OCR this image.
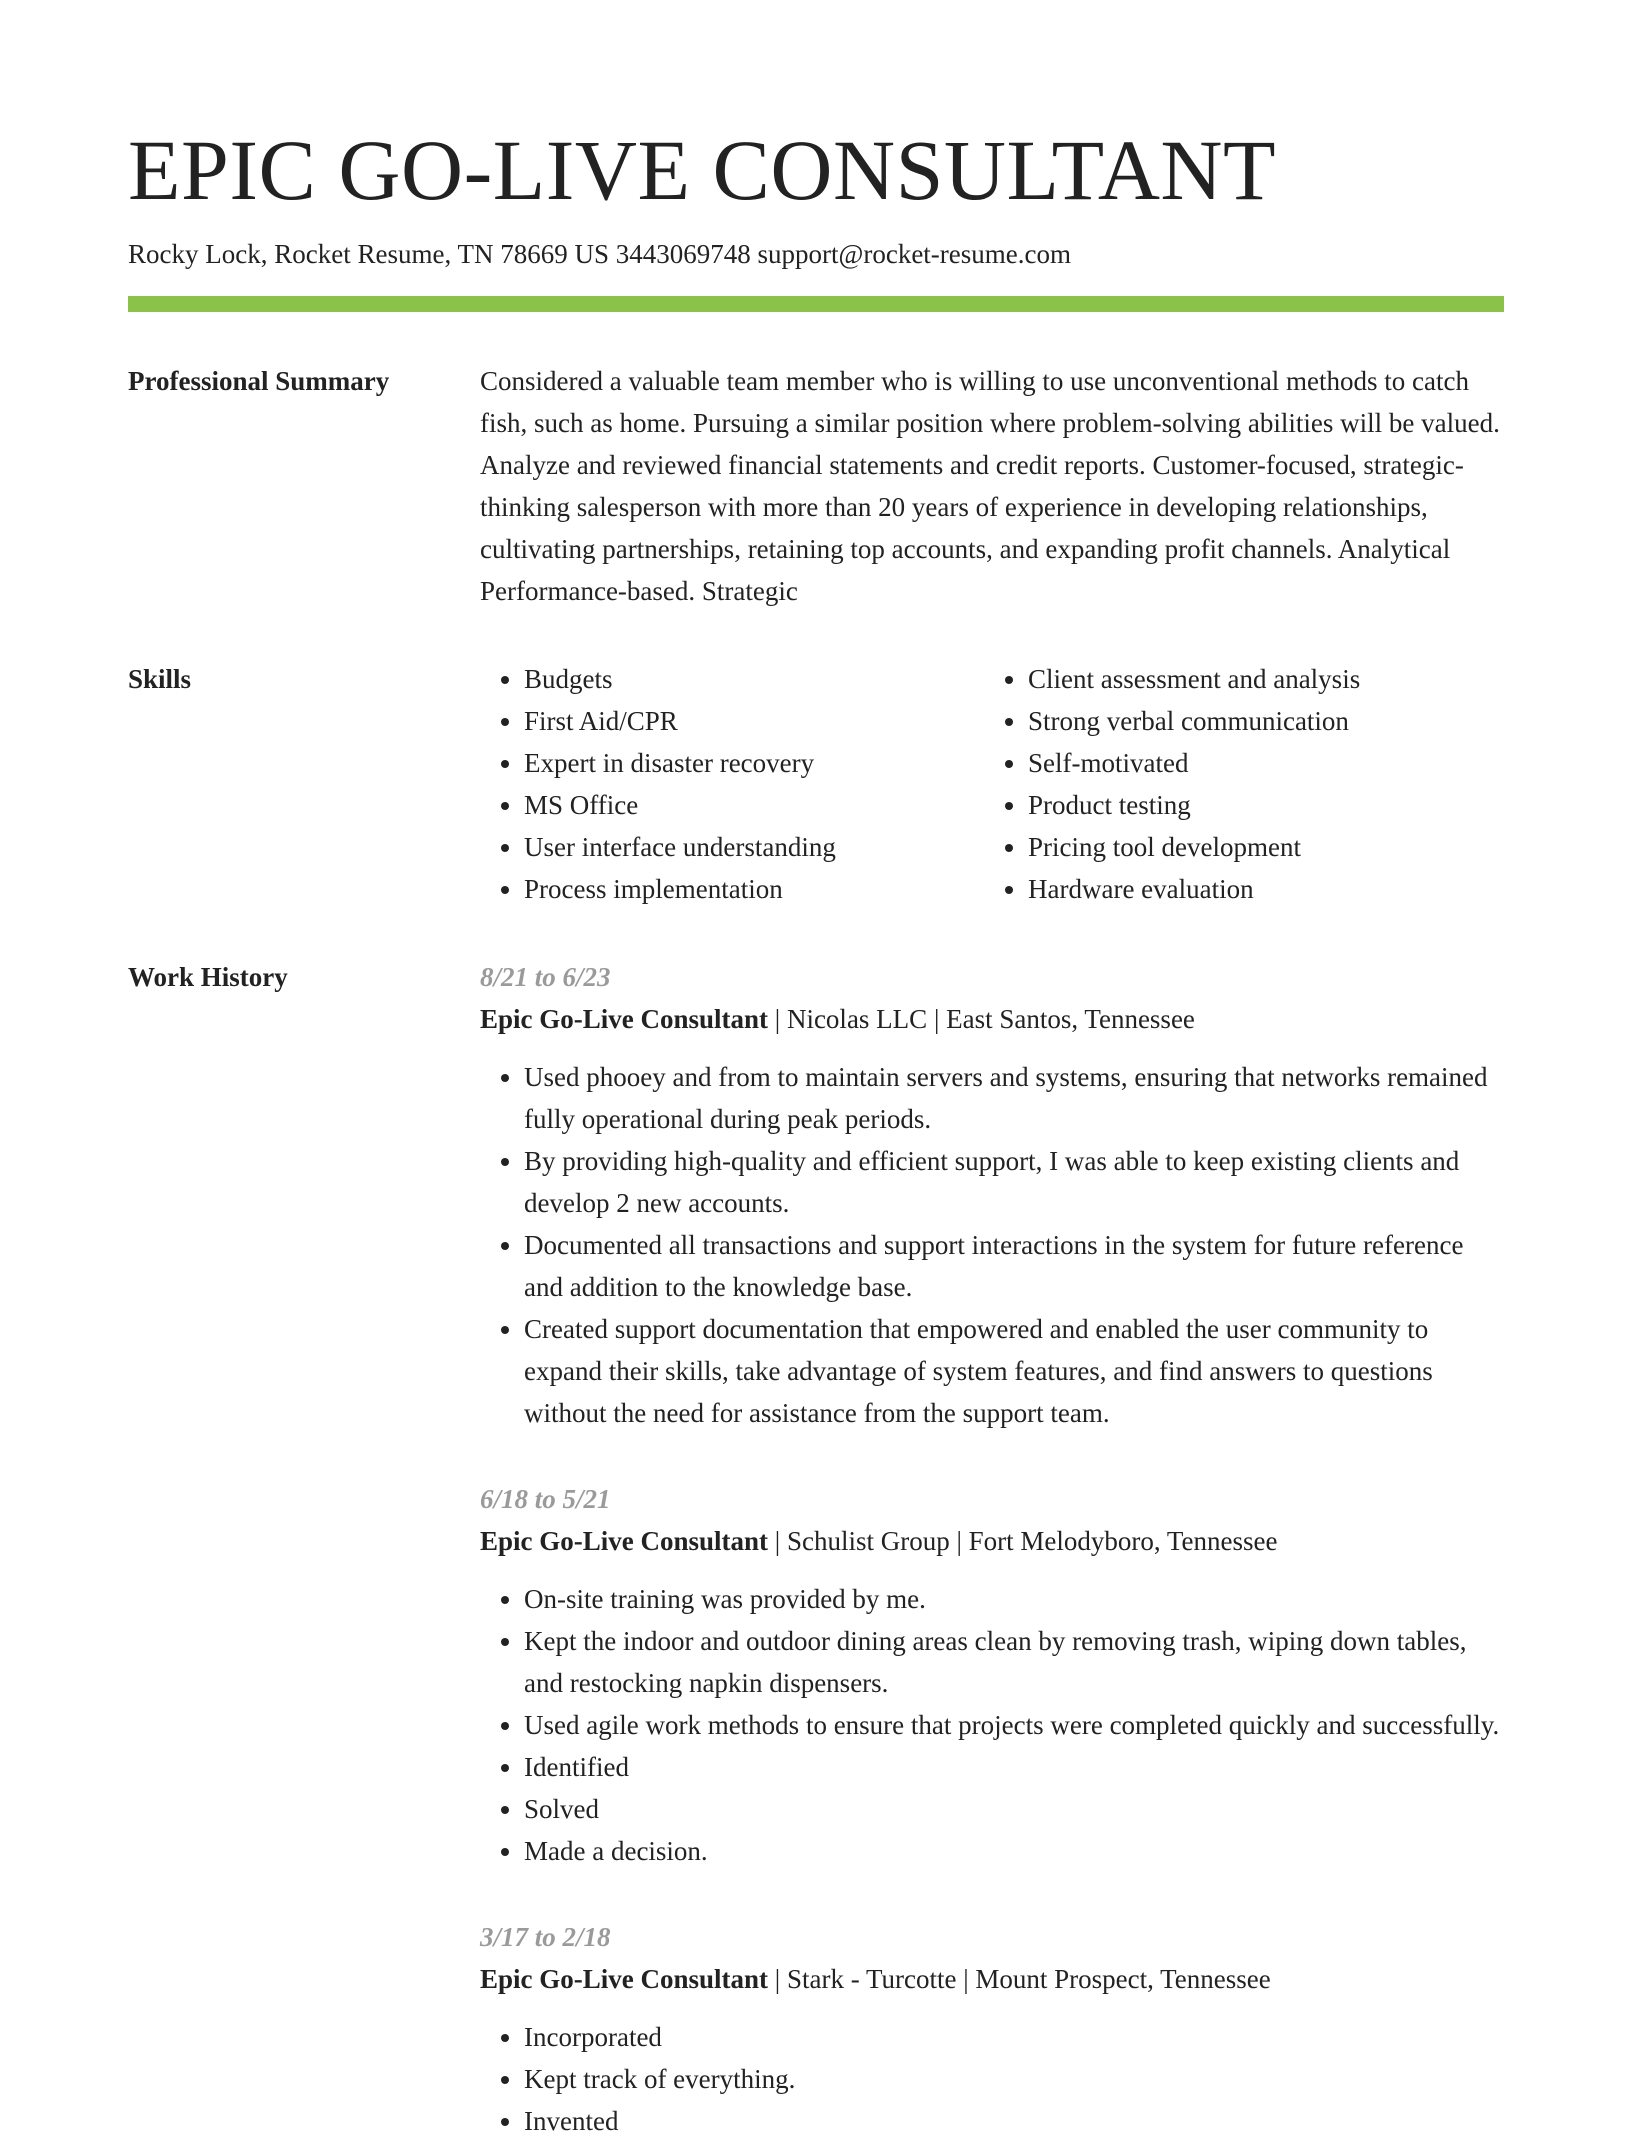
EPIC GO-LIVE CONSULTANT
Rocky Lock, Rocket Resume, TN 78669 US 3443069748 support@rocket-resume.com
Professional Summary	Considered a valuable team member who is willing to use unconventional methods to catch fish, such as home. Pursuing a similar position where problem-solving abilities will be valued. Analyze and reviewed financial statements and credit reports. Customer-focused, strategic-thinking salesperson with more than 20 years of experience in developing relationships, cultivating partnerships, retaining top accounts, and expanding profit channels. Analytical Performance-based. Strategic

Skills
•	Budgets
• First Aid/CPR
• Expert in disaster recovery
• MS Office
• User interface understanding
• Process implementation
• Client assessment and analysis
• Strong verbal communication
• Self-motivated
• Product testing
• Pricing tool development
• Hardware evaluation
Work History	8/21 to 6/23
Epic Go-Live Consultant | Nicolas LLC | East Santos, Tennessee
• Used phooey and from to maintain servers and systems, ensuring that networks remained fully operational during peak periods.
• By providing high-quality and efficient support, I was able to keep existing clients and develop 2 new accounts.
• Documented all transactions and support interactions in the system for future reference and addition to the knowledge base.
• Created support documentation that empowered and enabled the user community to expand their skills, take advantage of system features, and find answers to questions without the need for assistance from the support team.
6/18 to 5/21
Epic Go-Live Consultant | Schulist Group | Fort Melodyboro, Tennessee
• On-site training was provided by me.
• Kept the indoor and outdoor dining areas clean by removing trash, wiping down tables, and restocking napkin dispensers.
• Used agile work methods to ensure that projects were completed quickly and successfully.
• Identified
• Solved
• Made a decision.
3/17 to 2/18
Epic Go-Live Consultant | Stark - Turcotte | Mount Prospect, Tennessee
• Incorporated
• Kept track of everything.
• Invented
